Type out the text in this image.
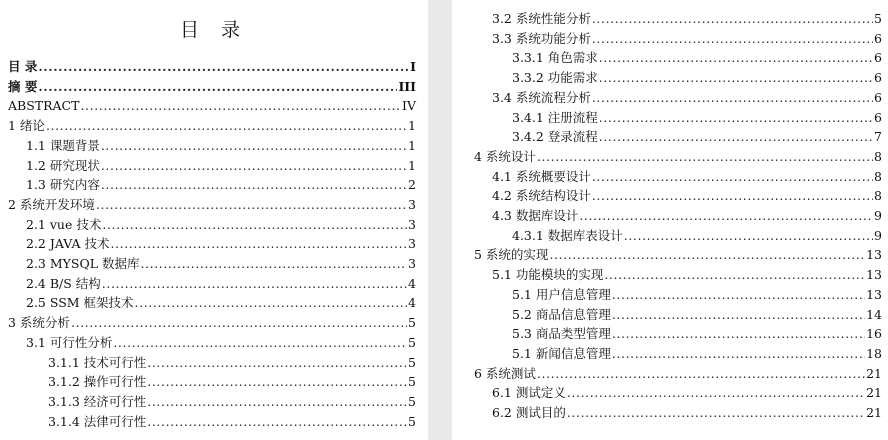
目 录
目 录 .....	I
摘 要 .....	III
ABSTRACT .....	IV
1 绪论 .....	1
1.1 课题背景 .....	1
1.2 研究现状 .....	1
1.3 研究内容 .....	2
2 系统开发环境 .....	3
2.1 vue 技术 .....	3
2.2 JAVA 技术 .....	3
2.3 MYSQL 数据库 .....	3
2.4 B/S 结构 .....	4
2.5 SSM 框架技术 .....	4
3 系统分析 .....	5
3.1 可行性分析 .....	5
3.1.1 技术可行性 .....	5
3.1.2 操作可行性 .....	5
3.1.3 经济可行性 .....	5
3.1.4 法律可行性 .....	5
3.2 系统性能分析 .....	5
3.3 系统功能分析 .....	6
3.3.1 角色需求 .....	6
3.3.2 功能需求 .....	6
3.4 系统流程分析 .....	6
3.4.1 注册流程 .....	6
3.4.2 登录流程 .....	7
4 系统设计 .....	8
4.1 系统概要设计 .....	8
4.2 系统结构设计 .....	8
4.3 数据库设计 .....	9
4.3.1 数据库表设计 .....	9
5 系统的实现 .....	13
5.1 功能模块的实现 .....	13
5.1 用户信息管理 .....	13
5.2 商品信息管理 .....	14
5.3 商品类型管理 .....	16
5.1 新闻信息管理 .....	18
6 系统测试 .....	21
6.1 测试定义 .....	21
6.2 测试目的 .....	21
